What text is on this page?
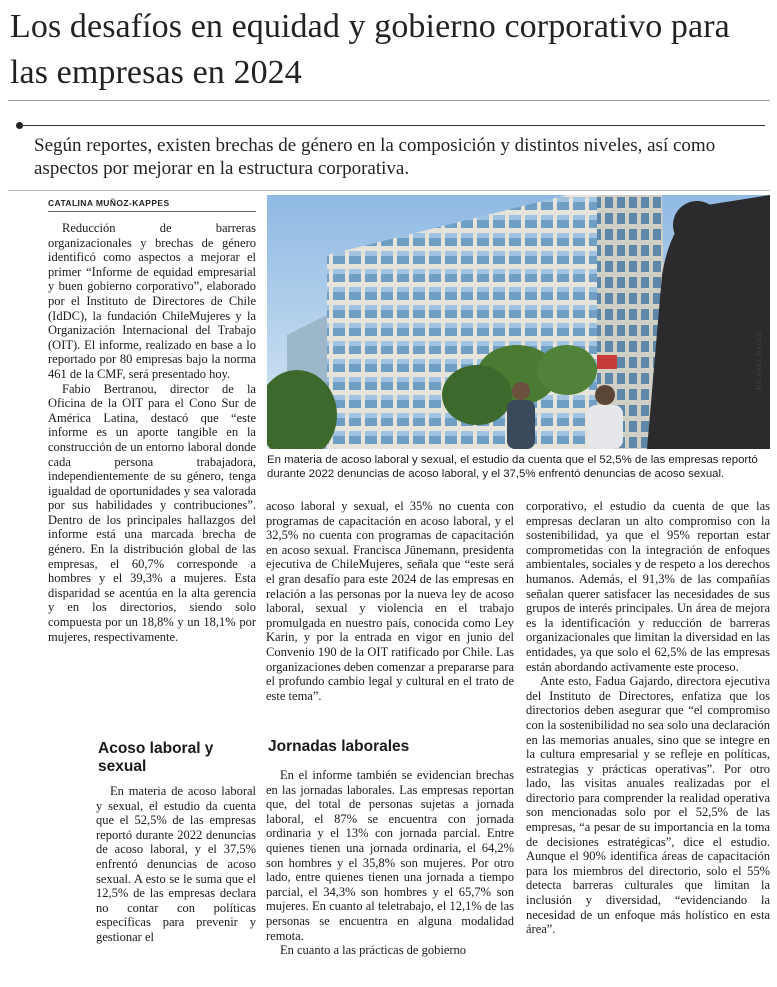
Los desafíos en equidad y gobierno corporativo para las empresas en 2024

Según reportes, existen brechas de género en la composición y distintos niveles, así como aspectos por mejorar en la estructura corporativa.

CATALINA MUÑOZ-KAPPES

Reducción de barreras organizacionales y brechas de género identificó como aspectos a mejorar el primer “Informe de equidad empresarial y buen gobierno corporativo”, elaborado por el Instituto de Directores de Chile (IdDC), la fundación ChileMujeres y la Organización Internacional del Trabajo (OIT). El informe, realizado en base a lo reportado por 80 empresas bajo la norma 461 de la CMF, será presentado hoy.

Fabio Bertranou, director de la Oficina de la OIT para el Cono Sur de América Latina, destacó que “este informe es un aporte tangible en la construcción de un entorno laboral donde cada persona trabajadora, independientemente de su género, tenga igualdad de oportunidades y sea valorada por sus habilidades y contribuciones”. Dentro de los principales hallazgos del informe está una marcada brecha de género. En la distribución global de las empresas, el 60,7% corresponde a hombres y el 39,3% a mujeres. Esta disparidad se acentúa en la alta gerencia y en los directorios, siendo solo compuesta por un 18,8% y un 18,1% por mujeres, respectivamente.

Acoso laboral y sexual

En materia de acoso laboral y sexual, el estudio da cuenta que el 52,5% de las empresas reportó durante 2022 denuncias de acoso laboral, y el 37,5% enfrentó denuncias de acoso sexual. A esto se le suma que el 12,5% de las empresas declara no contar con políticas específicas para prevenir y gestionar el

MICHAEL NAGLE

En materia de acoso laboral y sexual, el estudio da cuenta que el 52,5% de las empresas reportó durante 2022 denuncias de acoso laboral, y el 37,5% enfrentó denuncias de acoso sexual.

acoso laboral y sexual, el 35% no cuenta con programas de capacitación en acoso laboral, y el 32,5% no cuenta con programas de capacitación en acoso sexual. Francisca Jünemann, presidenta ejecutiva de ChileMujeres, señala que “este será el gran desafío para este 2024 de las empresas en relación a las personas por la nueva ley de acoso laboral, sexual y violencia en el trabajo promulgada en nuestro país, conocida como Ley Karin, y por la entrada en vigor en junio del Convenio 190 de la OIT ratificado por Chile. Las organizaciones deben comenzar a prepararse para el profundo cambio legal y cultural en el trato de este tema”.

Jornadas laborales

En el informe también se evidencian brechas en las jornadas laborales. Las empresas reportan que, del total de personas sujetas a jornada laboral, el 87% se encuentra con jornada ordinaria y el 13% con jornada parcial. Entre quienes tienen una jornada ordinaria, el 64,2% son hombres y el 35,8% son mujeres. Por otro lado, entre quienes tienen una jornada a tiempo parcial, el 34,3% son hombres y el 65,7% son mujeres. En cuanto al teletrabajo, el 12,1% de las personas se encuentra en alguna modalidad remota.

En cuanto a las prácticas de gobierno

corporativo, el estudio da cuenta de que las empresas declaran un alto compromiso con la sostenibilidad, ya que el 95% reportan estar comprometidas con la integración de enfoques ambientales, sociales y de respeto a los derechos humanos. Además, el 91,3% de las compañías señalan querer satisfacer las necesidades de sus grupos de interés principales. Un área de mejora es la identificación y reducción de barreras organizacionales que limitan la diversidad en las entidades, ya que solo el 62,5% de las empresas están abordando activamente este proceso.

Ante esto, Fadua Gajardo, directora ejecutiva del Instituto de Directores, enfatiza que los directorios deben asegurar que “el compromiso con la sostenibilidad no sea solo una declaración en las memorias anuales, sino que se integre en la cultura empresarial y se refleje en políticas, estrategias y prácticas operativas”. Por otro lado, las visitas anuales realizadas por el directorio para comprender la realidad operativa son mencionadas solo por el 52,5% de las empresas, “a pesar de su importancia en la toma de decisiones estratégicas”, dice el estudio. Aunque el 90% identifica áreas de capacitación para los miembros del directorio, solo el 55% detecta barreras culturales que limitan la inclusión y diversidad, “evidenciando la necesidad de un enfoque más holístico en esta área”.
